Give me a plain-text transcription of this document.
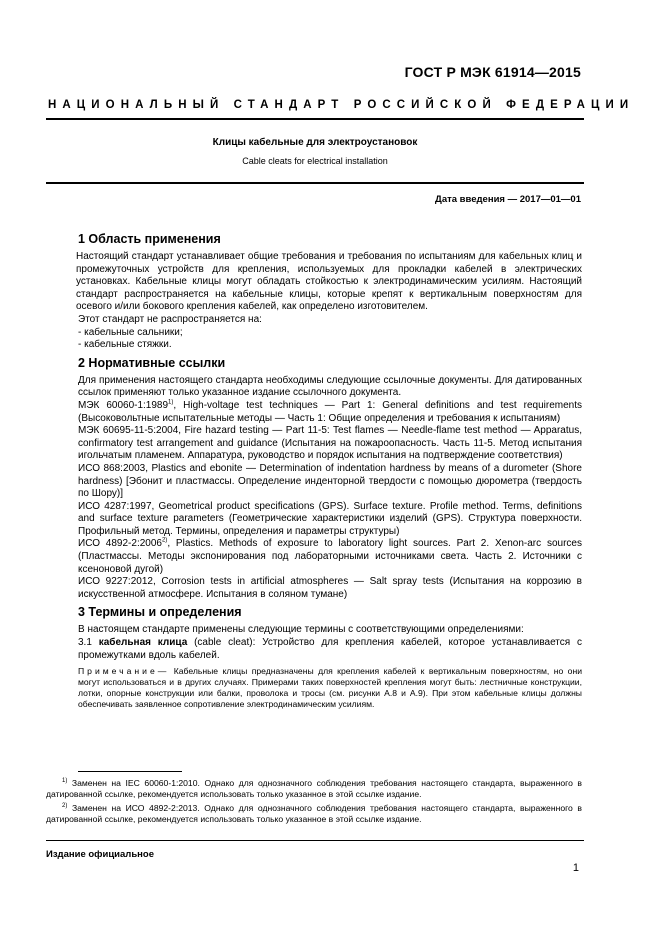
ГОСТ Р МЭК 61914—2015
НАЦИОНАЛЬНЫЙ СТАНДАРТ РОССИЙСКОЙ ФЕДЕРАЦИИ
Клицы кабельные для электроустановок
Cable cleats for electrical installation
Дата введения — 2017—01—01
1 Область применения

Настоящий стандарт устанавливает общие требования и требования по испытаниям для кабельных клиц и промежуточных устройств для крепления, используемых для прокладки кабелей в электрических установках. Кабельные клицы могут обладать стойкостью к электродинамическим усилиям. Настоящий стандарт распространяется на кабельные клицы, которые крепят к вертикальным поверхностям для осевого и/или бокового крепления кабелей, как определено изготовителем.

Этот стандарт не распространяется на:

- кабельные сальники;

- кабельные стяжки.

2 Нормативные ссылки

Для применения настоящего стандарта необходимы следующие ссылочные документы. Для датированных ссылок применяют только указанное издание ссылочного документа.

МЭК 60060-1:1989$^{1)}$, High-voltage test techniques — Part 1: General definitions and test requirements (Высоковольтные испытательные методы — Часть 1: Общие определения и требования к испытаниям)

МЭК 60695-11-5:2004, Fire hazard testing — Part 11-5: Test flames — Needle-flame test method — Apparatus, confirmatory test arrangement and guidance (Испытания на пожароопасность. Часть 11-5. Метод испытания игольчатым пламенем. Аппаратура, руководство и порядок испытания на подтверждение соответствия)

ИСО 868:2003, Plastics and ebonite — Determination of indentation hardness by means of a durometer (Shore hardness) [Эбонит и пластмассы. Определение инденторной твердости с помощью дюрометра (твердость по Шору)]

ИСО 4287:1997, Geometrical product specifications (GPS). Surface texture. Profile method. Terms, definitions and surface texture parameters (Геометрические характеристики изделий (GPS). Структура поверхности. Профильный метод. Термины, определения и параметры структуры)

ИСО 4892-2:2006$^{2)}$, Plastics. Methods of exposure to laboratory light sources. Part 2. Xenon-arc sources (Пластмассы. Методы экспонирования под лабораторными источниками света. Часть 2. Источники с ксеноновой дугой)

ИСО 9227:2012, Corrosion tests in artificial atmospheres — Salt spray tests (Испытания на коррозию в искусственной атмосфере. Испытания в соляном тумане)

3 Термины и определения

В настоящем стандарте применены следующие термины с соответствующими определениями:

3.1 кабельная клица (cable cleat): Устройство для крепления кабелей, которое устанавливается с промежутками вдоль кабелей.

Примечание— Кабельные клицы предназначены для крепления кабелей к вертикальным поверхностям, но они могут использоваться и в других случаях. Примерами таких поверхностей крепления могут быть: лестничные конструкции, лотки, опорные конструкции или балки, проволока и тросы (см. рисунки А.8 и А.9). При этом кабельные клицы должны обеспечивать заявленное сопротивление электродинамическим усилиям.

$^{1)}$ Заменен на IEC 60060-1:2010. Однако для однозначного соблюдения требования настоящего стандарта, выраженного в датированной ссылке, рекомендуется использовать только указанное в этой ссылке издание.

$^{2)}$ Заменен на ИСО 4892-2:2013. Однако для однозначного соблюдения требования настоящего стандарта, выраженного в датированной ссылке, рекомендуется использовать только указанное в этой ссылке издание.

Издание официальное
1
